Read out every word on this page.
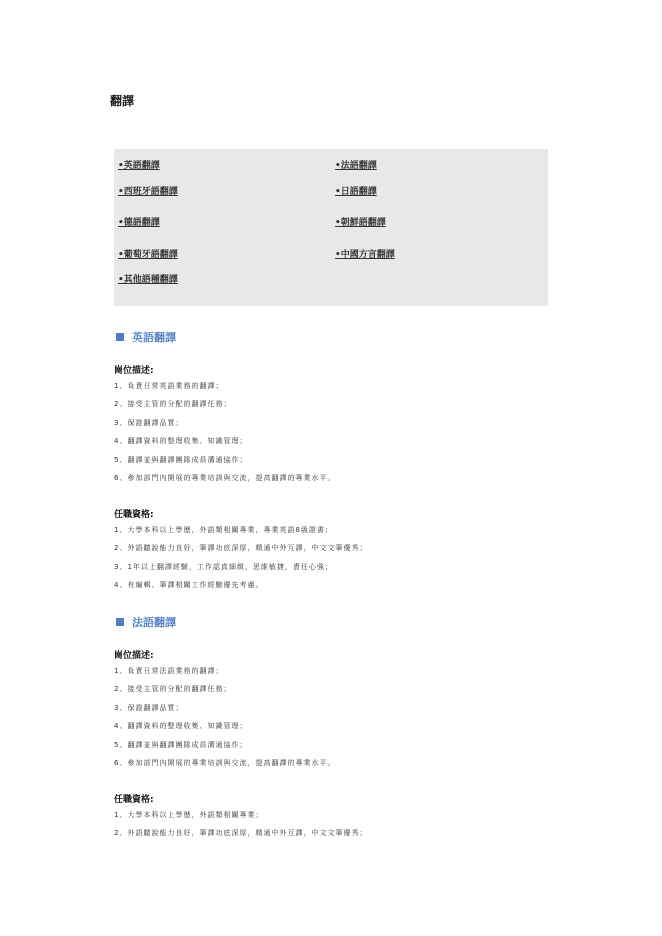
翻譯
•英語翻譯	•法語翻譯
•西班牙語翻譯	•日語翻譯
•德語翻譯	•朝鮮語翻譯
•葡萄牙語翻譯	•中國方言翻譯
•其他語種翻譯
英語翻譯
崗位描述:
1、負責日常英語業務的翻譯；
2、接受主管的分配的翻譯任務；
3、保證翻譯品質；
4、翻譯資料的整理收集、知識管理；
5、翻譯並與翻譯團隊成員溝通協作；
6、參加部門內開展的專業培訓與交流，提高翻譯的專業水平。
任職資格:
1、大學本科以上學歷，外語類相關專業，專業英語8級證書；
2、外語聽說能力良好，筆譯功底深厚，精通中外互譯，中文文筆優秀；
3、1年以上翻譯經驗，工作認真細緻，思維敏捷，責任心強；
4、有編輯、筆譯相關工作經驗優先考慮。
法語翻譯
崗位描述:
1、負責日常法語業務的翻譯；
2、接受主管的分配的翻譯任務；
3、保證翻譯品質；
4、翻譯資料的整理收集、知識管理；
5、翻譯並與翻譯團隊成員溝通協作；
6、參加部門內開展的專業培訓與交流，提高翻譯的專業水平。
任職資格:
1、大學本科以上學歷，外語類相關專業；
2、外語聽說能力良好，筆譯功底深厚，精通中外互譯，中文文筆優秀；
